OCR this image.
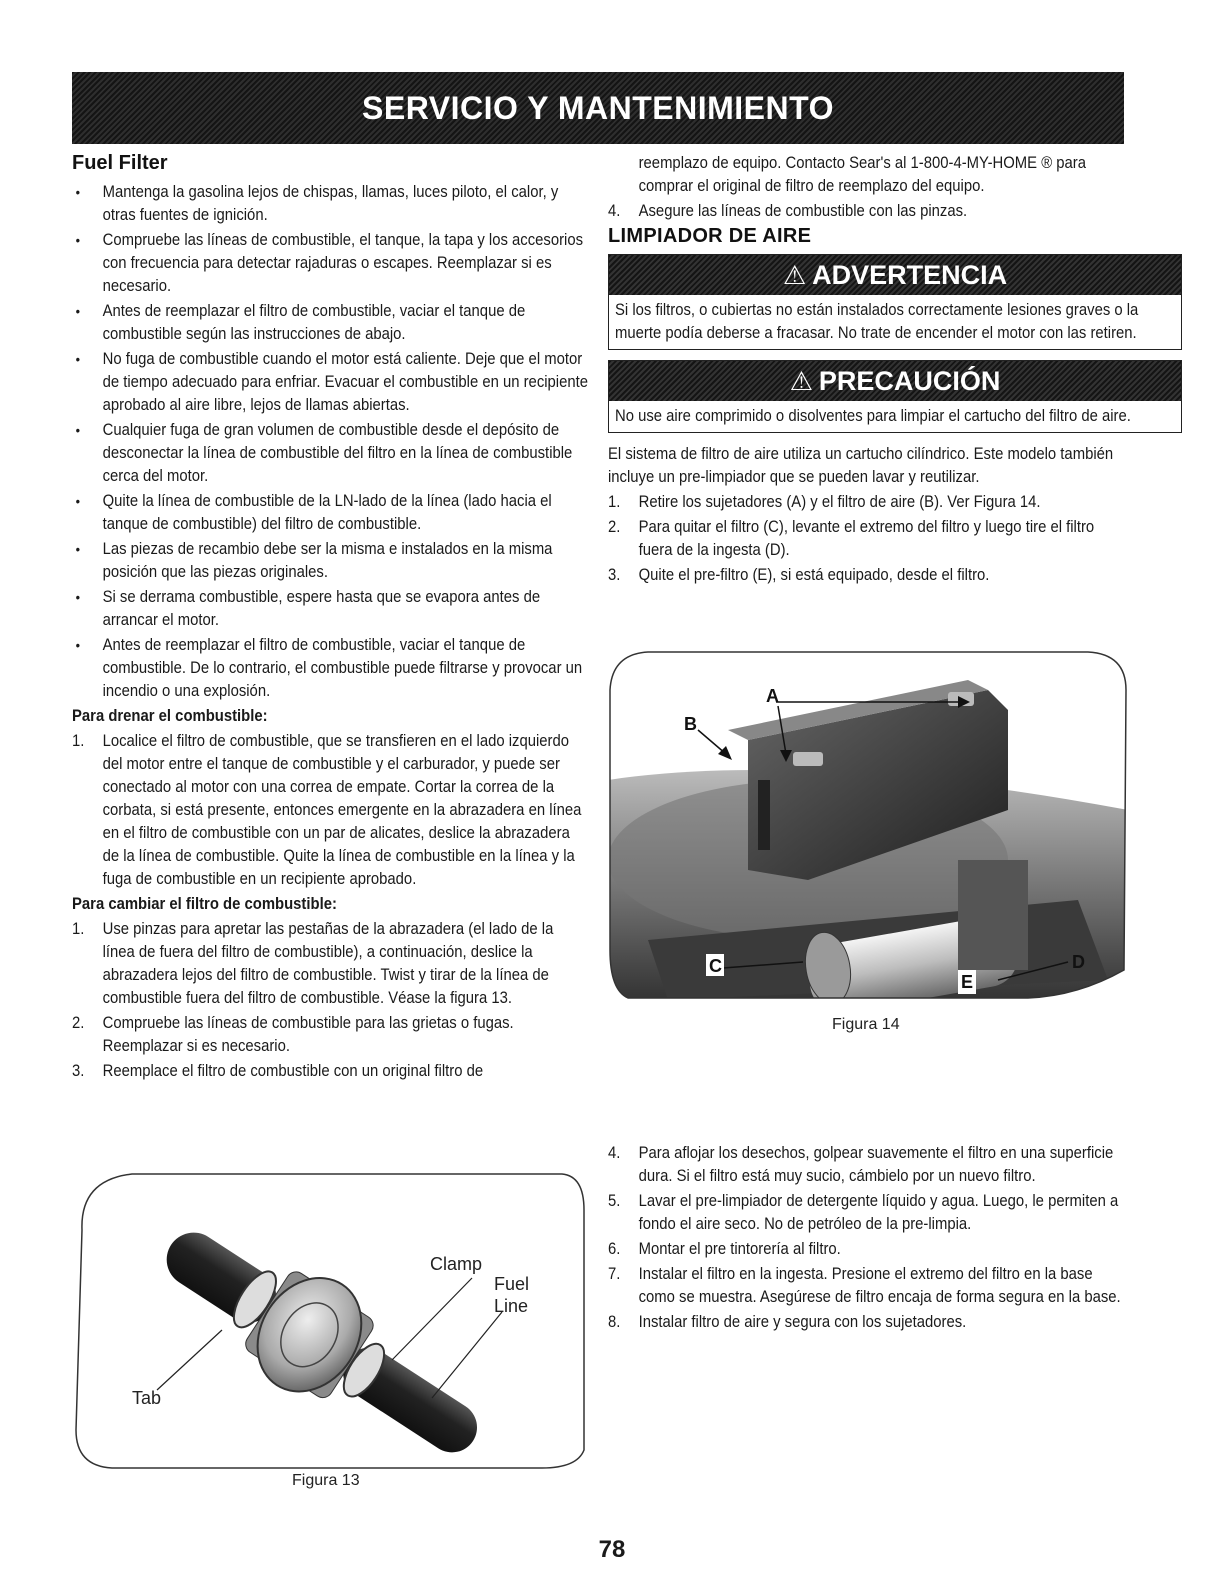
SERVICIO Y MANTENIMIENTO
Fuel Filter
• Mantenga la gasolina lejos de chispas, llamas, luces piloto, el calor, y otras fuentes de ignición.
• Compruebe las líneas de combustible, el tanque, la tapa y los accesorios con frecuencia para detectar rajaduras o escapes. Reemplazar si es necesario.
• Antes de reemplazar el filtro de combustible, vaciar el tanque de combustible según las instrucciones de abajo.
• No fuga de combustible cuando el motor está caliente. Deje que el motor de tiempo adecuado para enfriar. Evacuar el combustible en un recipiente aprobado al aire libre, lejos de llamas abiertas.
• Cualquier fuga de gran volumen de combustible desde el depósito de desconectar la línea de combustible del filtro en la línea de combustible cerca del motor.
• Quite la línea de combustible de la LN-lado de la línea (lado hacia el tanque de combustible) del filtro de combustible.
• Las piezas de recambio debe ser la misma e instalados en la misma posición que las piezas originales.
• Si se derrama combustible, espere hasta que se evapora antes de arrancar el motor.
• Antes de reemplazar el filtro de combustible, vaciar el tanque de combustible. De lo contrario, el combustible puede filtrarse y provocar un incendio o una explosión.
Para drenar el combustible:
1. Localice el filtro de combustible, que se transfieren en el lado izquierdo del motor entre el tanque de combustible y el carburador, y puede ser conectado al motor con una correa de empate. Cortar la correa de la corbata, si está presente, entonces emergente en la abrazadera en línea en el filtro de combustible con un par de alicates, deslice la abrazadera de la línea de combustible. Quite la línea de combustible en la línea y la fuga de combustible en un recipiente aprobado.
Para cambiar el filtro de combustible:
1. Use pinzas para apretar las pestañas de la abrazadera (el lado de la línea de fuera del filtro de combustible), a continuación, deslice la abrazadera lejos del filtro de combustible. Twist y tirar de la línea de combustible fuera del filtro de combustible. Véase la figura 13.
2. Compruebe las líneas de combustible para las grietas o fugas. Reemplazar si es necesario.
3. Reemplace el filtro de combustible con un original filtro de
Clamp
Fuel
Line
Tab
Figura 13
reemplazo de equipo. Contacto Sear's al 1-800-4-MY-HOME ® para comprar el original de filtro de reemplazo del equipo.
4. Asegure las líneas de combustible con las pinzas.
LIMPIADOR DE AIRE
⚠ ADVERTENCIA
Si los filtros, o cubiertas no están instalados correctamente lesiones graves o la muerte podía deberse a fracasar. No trate de encender el motor con las retiren.
⚠ PRECAUCIÓN
No use aire comprimido o disolventes para limpiar el cartucho del filtro de aire.
El sistema de filtro de aire utiliza un cartucho cilíndrico. Este modelo también incluye un pre-limpiador que se pueden lavar y reutilizar.
1. Retire los sujetadores (A) y el filtro de aire (B). Ver Figura 14.
2. Para quitar el filtro (C), levante el extremo del filtro y luego tire el filtro fuera de la ingesta (D).
3. Quite el pre-filtro (E), si está equipado, desde el filtro.
A
B
C	D
E
Figura 14
4. Para aflojar los desechos, golpear suavemente el filtro en una superficie dura. Si el filtro está muy sucio, cámbielo por un nuevo filtro.
5. Lavar el pre-limpiador de detergente líquido y agua. Luego, le permiten a fondo el aire seco. No de petróleo de la pre-limpia.
6. Montar el pre tintorería al filtro.
7. Instalar el filtro en la ingesta. Presione el extremo del filtro en la base como se muestra. Asegúrese de filtro encaja de forma segura en la base.
8. Instalar filtro de aire y segura con los sujetadores.
78
